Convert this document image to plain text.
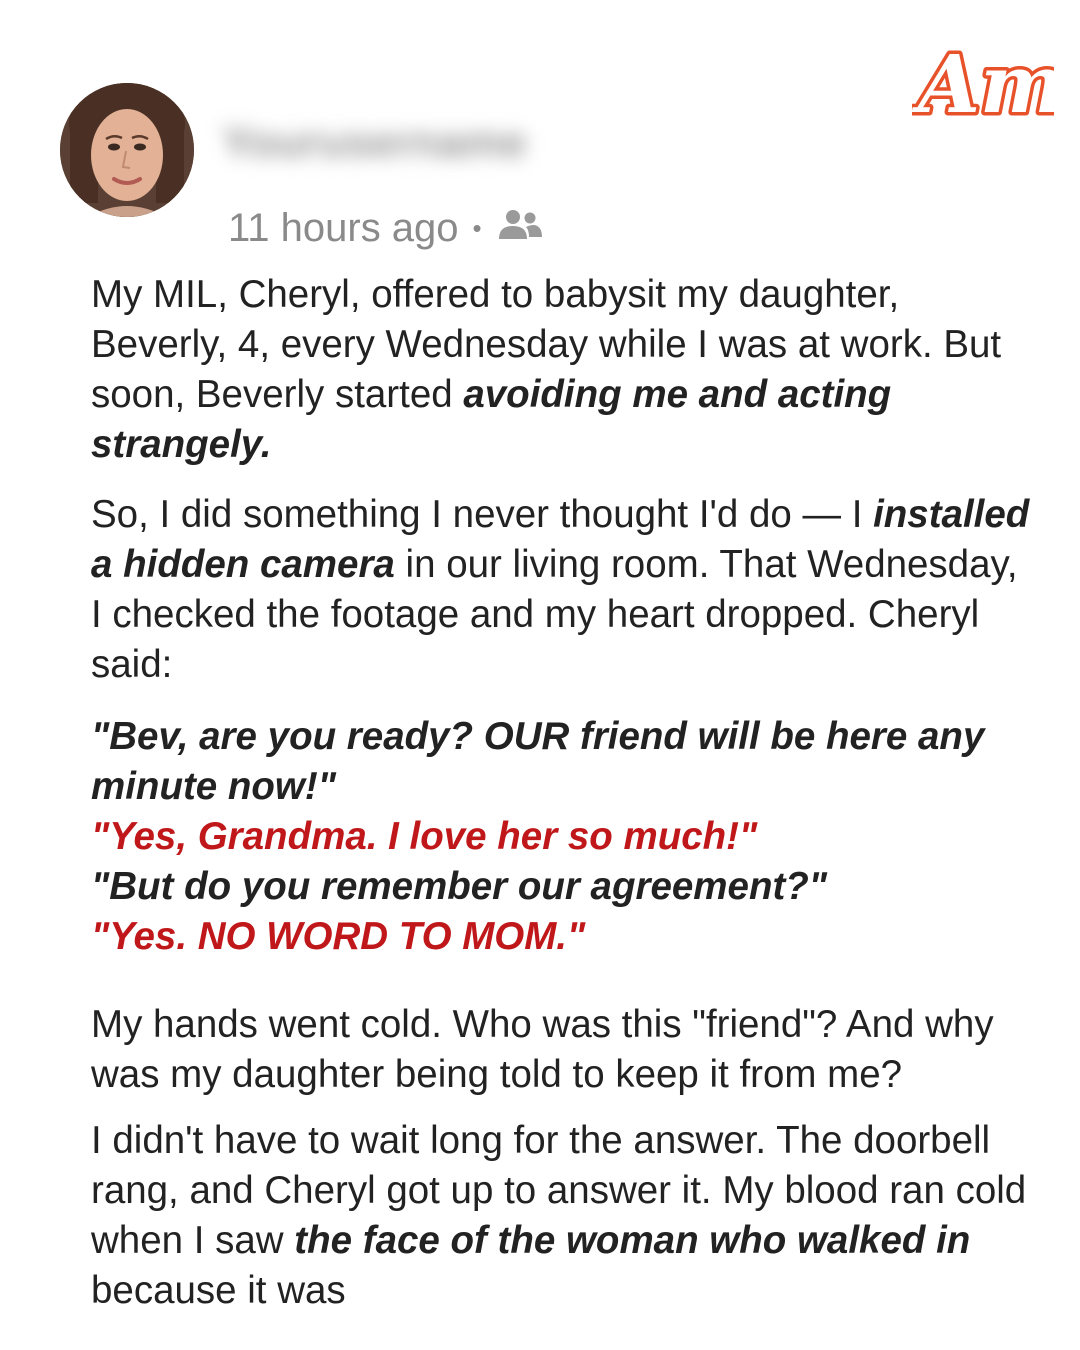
Yourusername
11 hours ago •
Am

My MIL, Cheryl, offered to babysit my daughter, Beverly, 4, every Wednesday while I was at work. But soon, Beverly started avoiding me and acting strangely.

So, I did something I never thought I'd do — I installed a hidden camera in our living room. That Wednesday, I checked the footage and my heart dropped. Cheryl said:

"Bev, are you ready? OUR friend will be here any minute now!"
"Yes, Grandma. I love her so much!"
"But do you remember our agreement?"
"Yes. NO WORD TO MOM."

My hands went cold. Who was this "friend"? And why was my daughter being told to keep it from me?

I didn't have to wait long for the answer. The doorbell rang, and Cheryl got up to answer it. My blood ran cold when I saw the face of the woman who walked in because it was
